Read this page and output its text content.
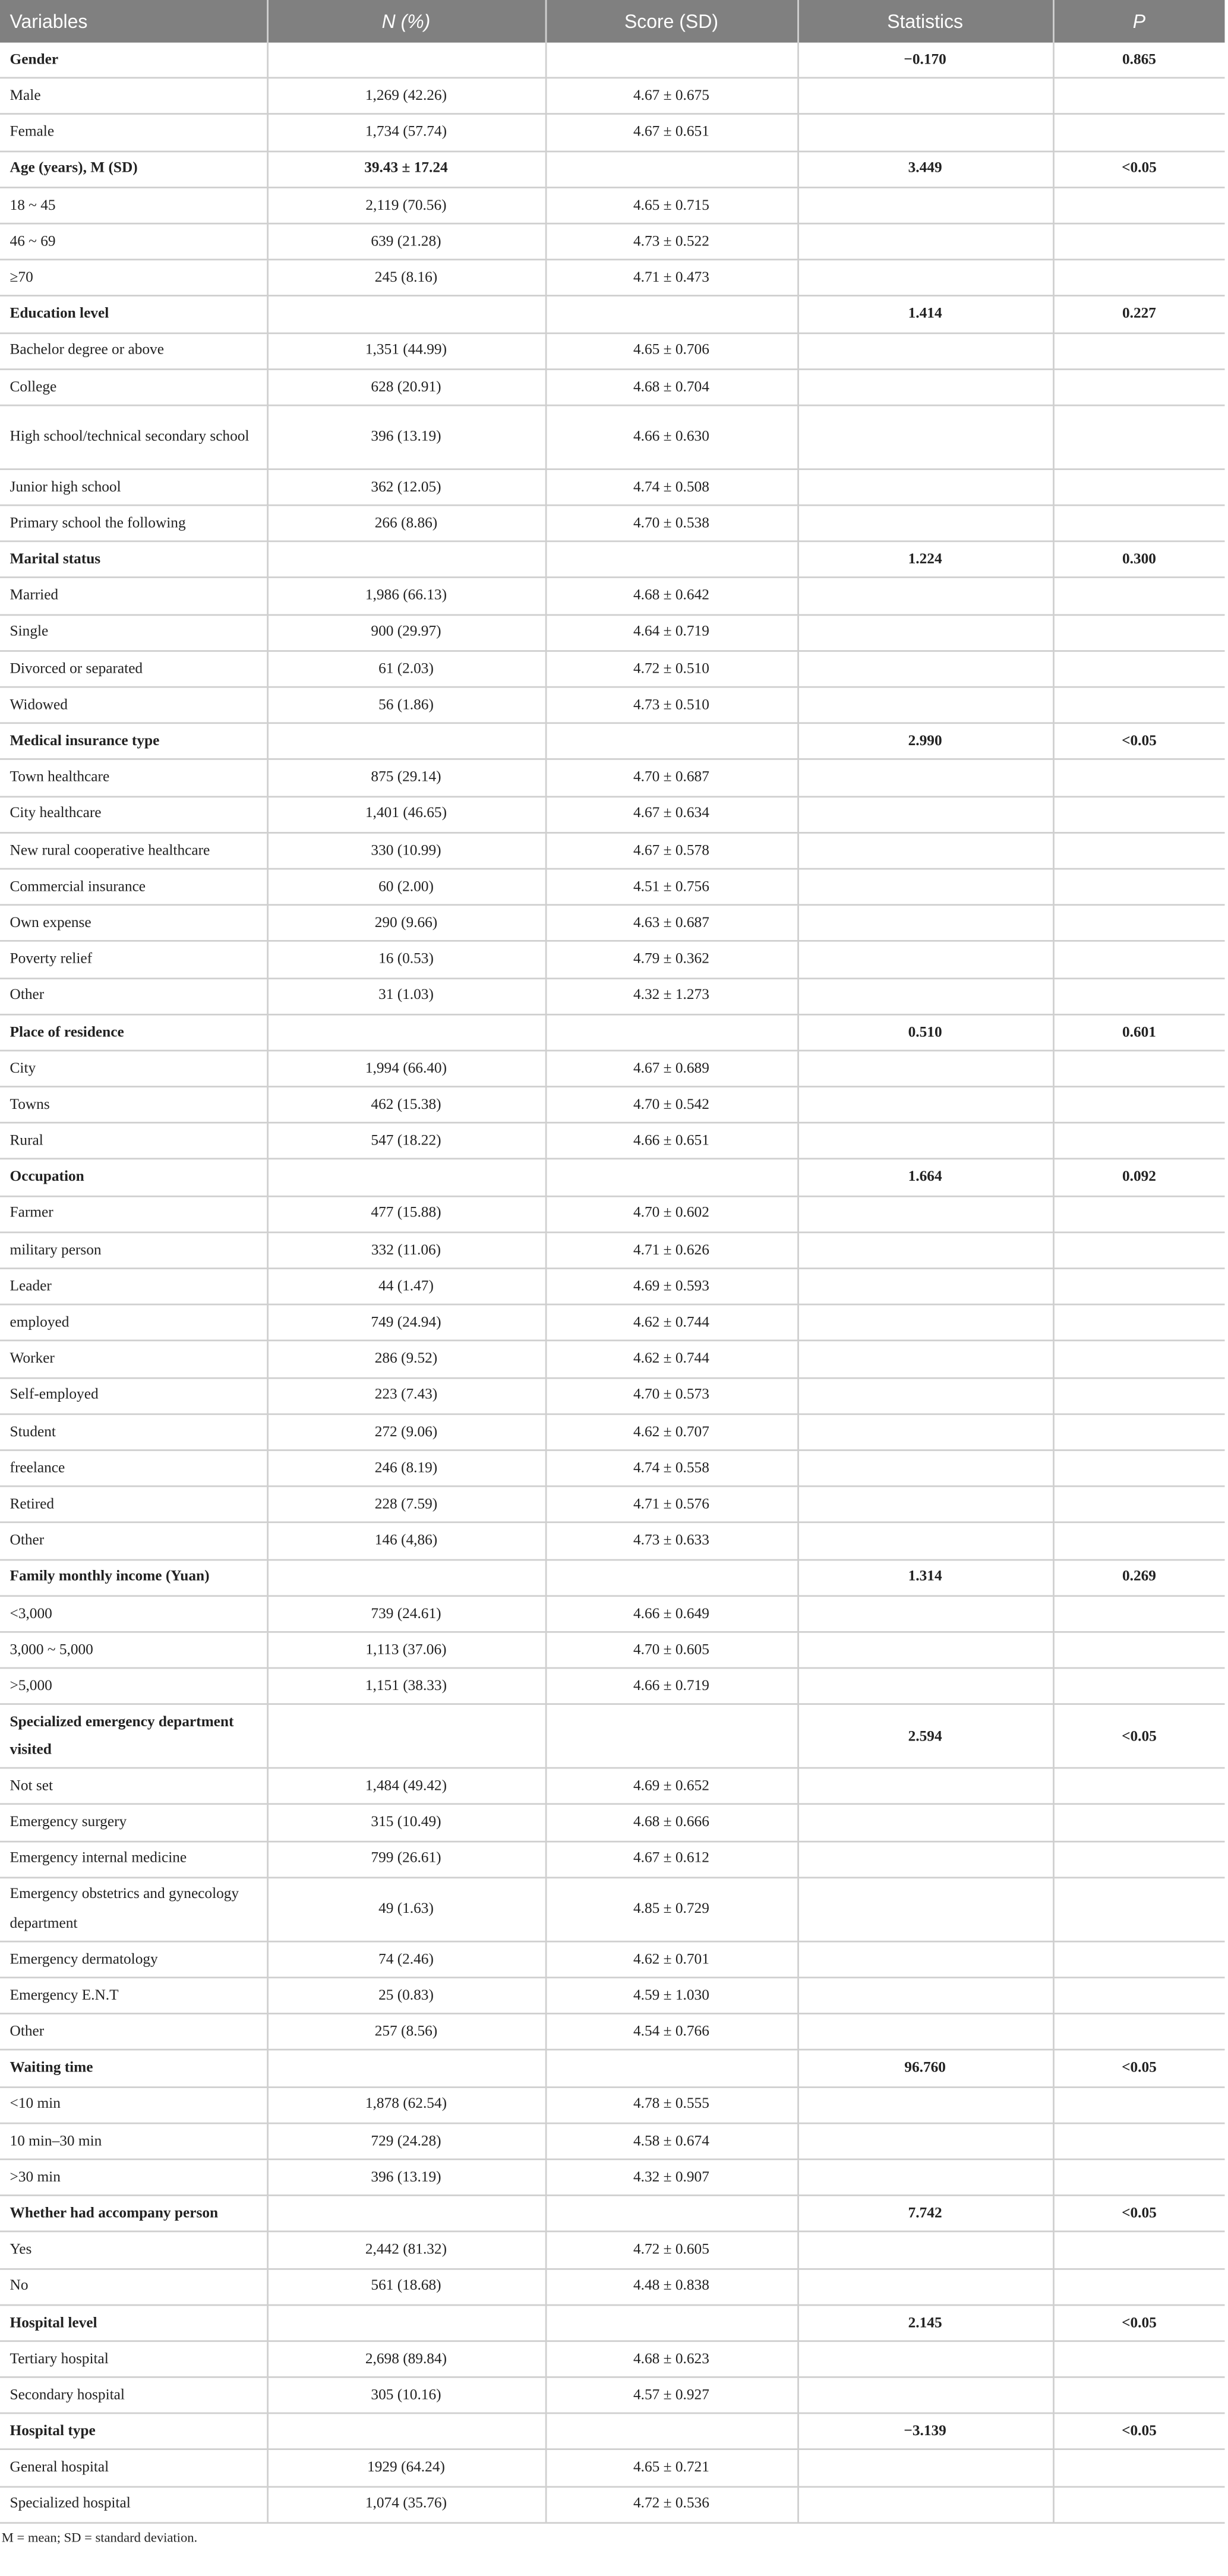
Variables	N (%)	Score (SD)	Statistics	P
Gender			−0.170	0.865
Male	1,269 (42.26)	4.67 ± 0.675		
Female	1,734 (57.74)	4.67 ± 0.651		
Age (years), M (SD)	39.43 ± 17.24		3.449	<0.05
18 ~ 45	2,119 (70.56)	4.65 ± 0.715		
46 ~ 69	639 (21.28)	4.73 ± 0.522		
≥70	245 (8.16)	4.71 ± 0.473		
Education level			1.414	0.227
Bachelor degree or above	1,351 (44.99)	4.65 ± 0.706		
College	628 (20.91)	4.68 ± 0.704		
High school/technical secondary school	396 (13.19)	4.66 ± 0.630		
Junior high school	362 (12.05)	4.74 ± 0.508		
Primary school the following	266 (8.86)	4.70 ± 0.538		
Marital status			1.224	0.300
Married	1,986 (66.13)	4.68 ± 0.642		
Single	900 (29.97)	4.64 ± 0.719		
Divorced or separated	61 (2.03)	4.72 ± 0.510		
Widowed	56 (1.86)	4.73 ± 0.510		
Medical insurance type			2.990	<0.05
Town healthcare	875 (29.14)	4.70 ± 0.687		
City healthcare	1,401 (46.65)	4.67 ± 0.634		
New rural cooperative healthcare	330 (10.99)	4.67 ± 0.578		
Commercial insurance	60 (2.00)	4.51 ± 0.756		
Own expense	290 (9.66)	4.63 ± 0.687		
Poverty relief	16 (0.53)	4.79 ± 0.362		
Other	31 (1.03)	4.32 ± 1.273		
Place of residence			0.510	0.601
City	1,994 (66.40)	4.67 ± 0.689		
Towns	462 (15.38)	4.70 ± 0.542		
Rural	547 (18.22)	4.66 ± 0.651		
Occupation			1.664	0.092
Farmer	477 (15.88)	4.70 ± 0.602		
military person	332 (11.06)	4.71 ± 0.626		
Leader	44 (1.47)	4.69 ± 0.593		
employed	749 (24.94)	4.62 ± 0.744		
Worker	286 (9.52)	4.62 ± 0.744		
Self-employed	223 (7.43)	4.70 ± 0.573		
Student	272 (9.06)	4.62 ± 0.707		
freelance	246 (8.19)	4.74 ± 0.558		
Retired	228 (7.59)	4.71 ± 0.576		
Other	146 (4,86)	4.73 ± 0.633		
Family monthly income (Yuan)			1.314	0.269
<3,000	739 (24.61)	4.66 ± 0.649		
3,000 ~ 5,000	1,113 (37.06)	4.70 ± 0.605		
>5,000	1,151 (38.33)	4.66 ± 0.719		
Specialized emergency department visited			2.594	<0.05
Not set	1,484 (49.42)	4.69 ± 0.652		
Emergency surgery	315 (10.49)	4.68 ± 0.666		
Emergency internal medicine	799 (26.61)	4.67 ± 0.612		
Emergency obstetrics and gynecology department	49 (1.63)	4.85 ± 0.729		
Emergency dermatology	74 (2.46)	4.62 ± 0.701		
Emergency E.N.T	25 (0.83)	4.59 ± 1.030		
Other	257 (8.56)	4.54 ± 0.766		
Waiting time			96.760	<0.05
<10 min	1,878 (62.54)	4.78 ± 0.555		
10 min–30 min	729 (24.28)	4.58 ± 0.674		
>30 min	396 (13.19)	4.32 ± 0.907		
Whether had accompany person			7.742	<0.05
Yes	2,442 (81.32)	4.72 ± 0.605		
No	561 (18.68)	4.48 ± 0.838		
Hospital level			2.145	<0.05
Tertiary hospital	2,698 (89.84)	4.68 ± 0.623		
Secondary hospital	305 (10.16)	4.57 ± 0.927		
Hospital type			−3.139	<0.05
General hospital	1929 (64.24)	4.65 ± 0.721		
Specialized hospital	1,074 (35.76)	4.72 ± 0.536		
M = mean; SD = standard deviation.
